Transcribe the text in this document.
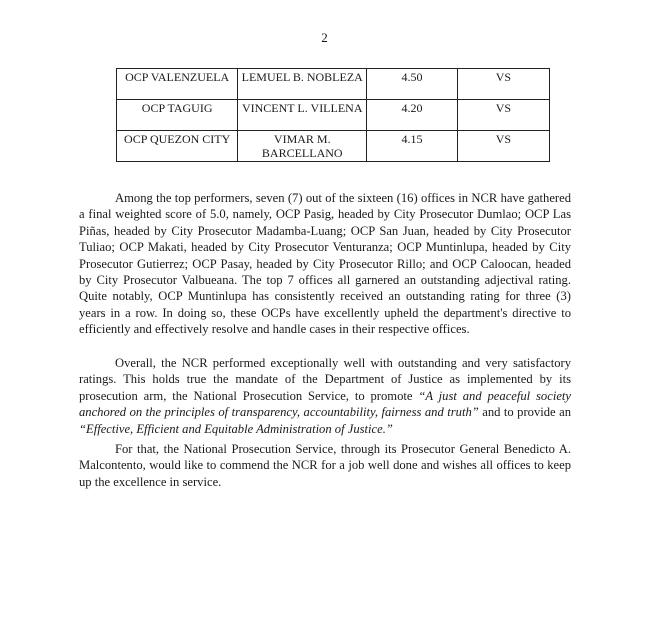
2
OCP VALENZUELA	LEMUEL B. NOBLEZA	4.50	VS
OCP TAGUIG	VINCENT L. VILLENA	4.20	VS
OCP QUEZON CITY	VIMAR M. BARCELLANO	4.15	VS

Among the top performers, seven (7) out of the sixteen (16) offices in NCR have gathered a final weighted score of 5.0, namely, OCP Pasig, headed by City Prosecutor Dumlao; OCP Las Piñas, headed by City Prosecutor Madamba-Luang; OCP San Juan, headed by City Prosecutor Tuliao; OCP Makati, headed by City Prosecutor Venturanza; OCP Muntinlupa, headed by City Prosecutor Gutierrez; OCP Pasay, headed by City Prosecutor Rillo; and OCP Caloocan, headed by City Prosecutor Valbueana. The top 7 offices all garnered an outstanding adjectival rating. Quite notably, OCP Muntinlupa has consistently received an outstanding rating for three (3) years in a row. In doing so, these OCPs have excellently upheld the department's directive to efficiently and effectively resolve and handle cases in their respective offices.

Overall, the NCR performed exceptionally well with outstanding and very satisfactory ratings. This holds true the mandate of the Department of Justice as implemented by its prosecution arm, the National Prosecution Service, to promote “A just and peaceful society anchored on the principles of transparency, accountability, fairness and truth” and to provide an “Effective, Efficient and Equitable Administration of Justice.”

For that, the National Prosecution Service, through its Prosecutor General Benedicto A. Malcontento, would like to commend the NCR for a job well done and wishes all offices to keep up the excellence in service.
